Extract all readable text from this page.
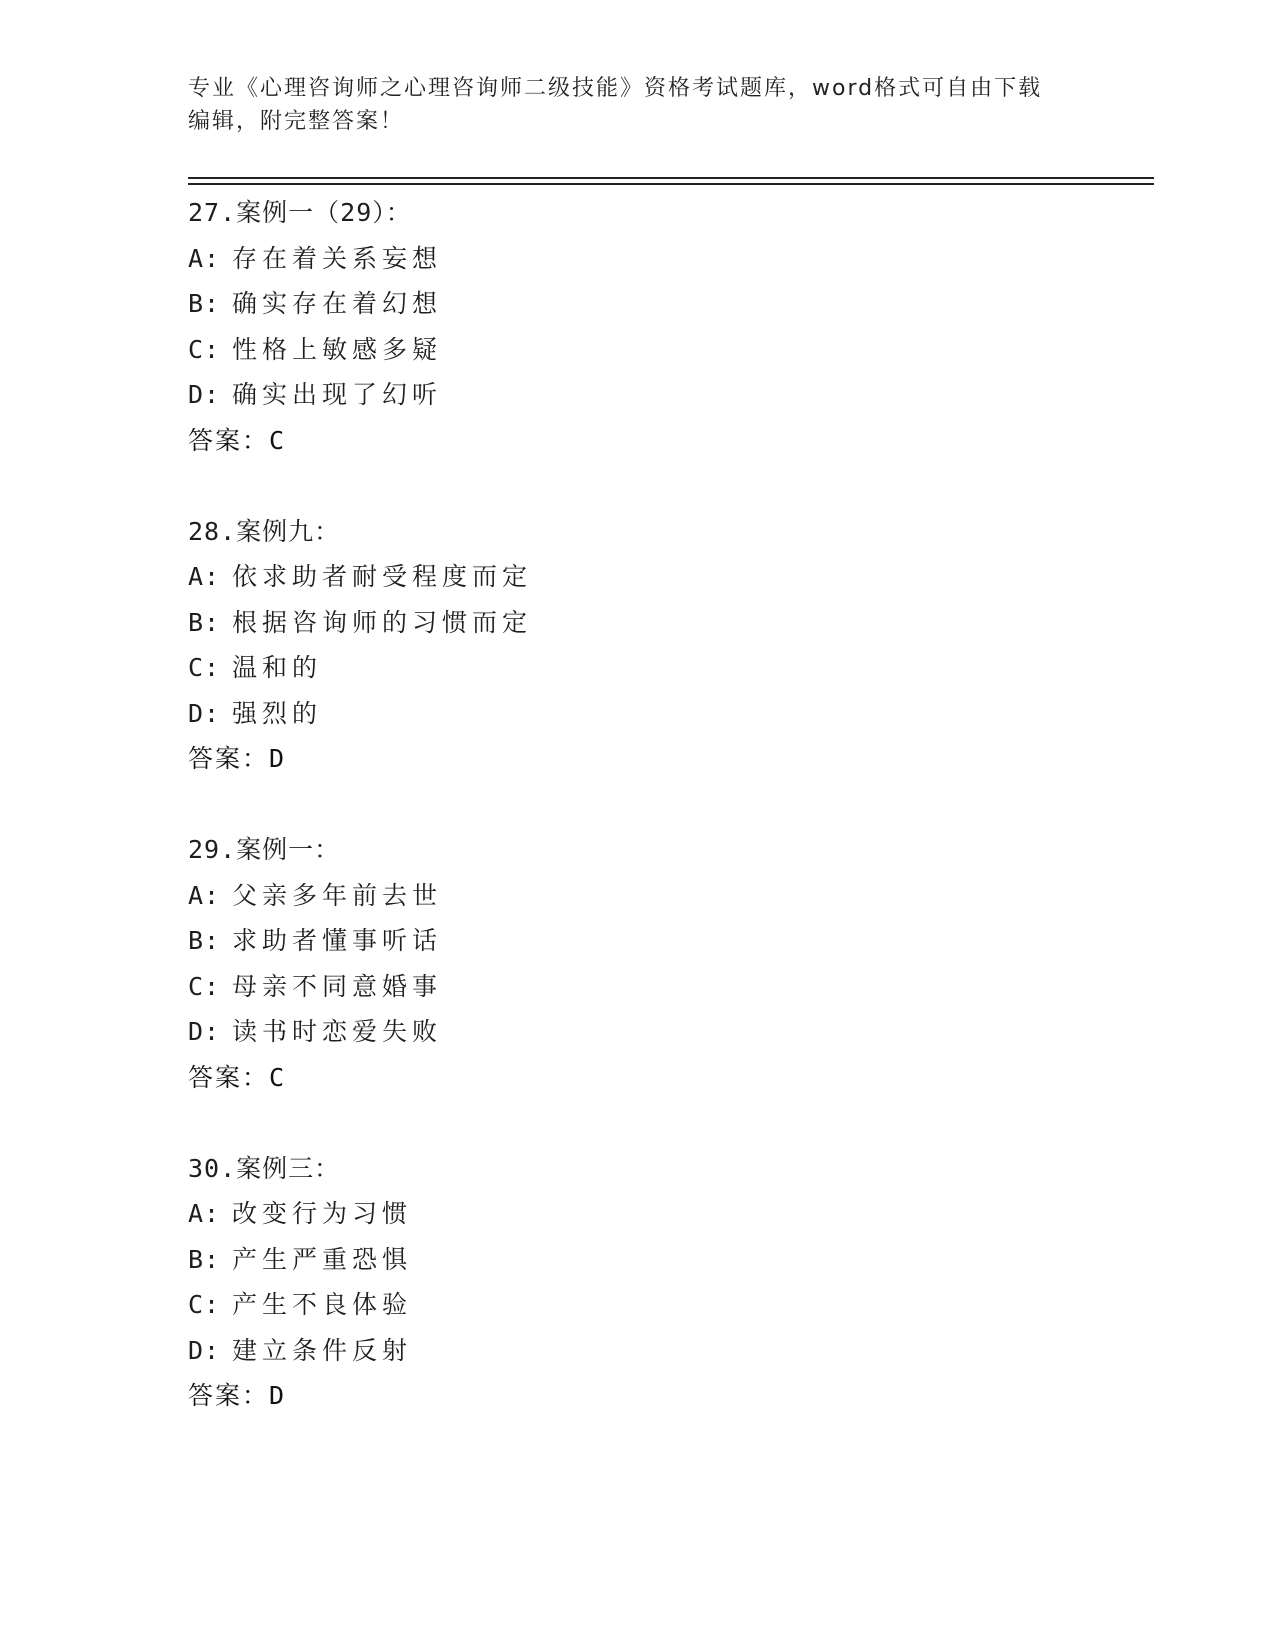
专业《心理咨询师之心理咨询师二级技能》资格考试题库，word格式可自由下载
编辑，附完整答案！
27.案例一（29）：
A: 存在着关系妄想
B: 确实存在着幻想
C: 性格上敏感多疑
D: 确实出现了幻听
答案：C
28.案例九：
A: 依求助者耐受程度而定
B: 根据咨询师的习惯而定
C: 温和的
D: 强烈的
答案：D
29.案例一：
A: 父亲多年前去世
B: 求助者懂事听话
C: 母亲不同意婚事
D: 读书时恋爱失败
答案：C
30.案例三：
A: 改变行为习惯
B: 产生严重恐惧
C: 产生不良体验
D: 建立条件反射
答案：D
